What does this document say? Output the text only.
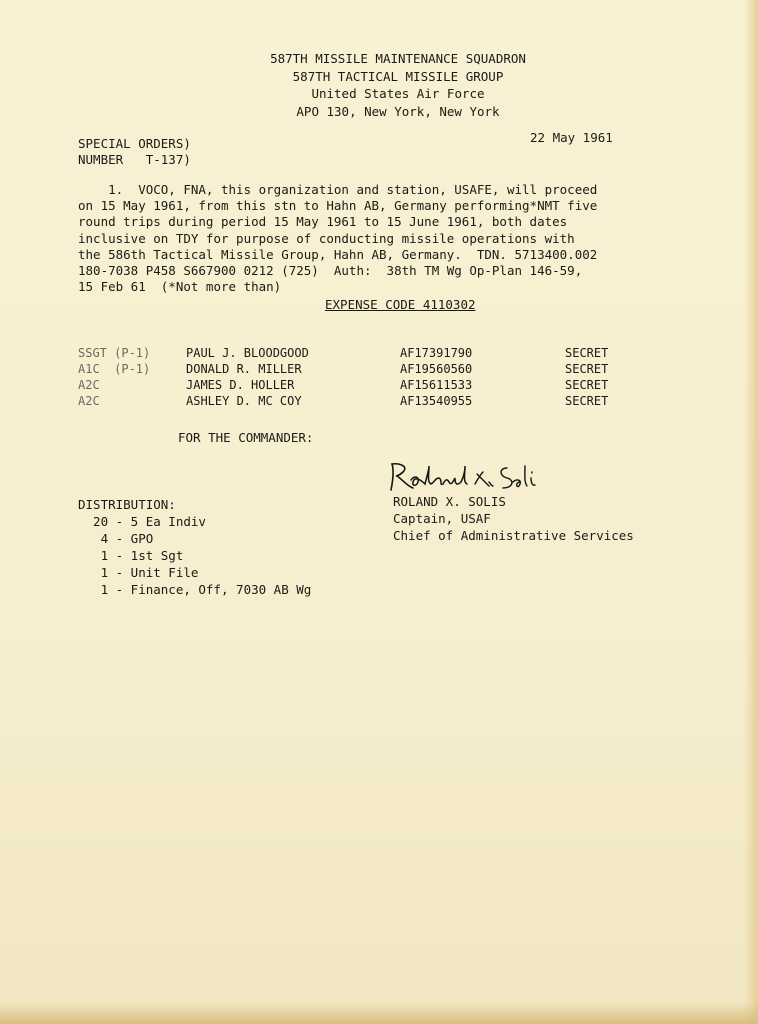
587TH MISSILE MAINTENANCE SQUADRON
587TH TACTICAL MISSILE GROUP
United States Air Force
APO 130, New York, New York
SPECIAL ORDERS)
NUMBER   T-137)
22 May 1961
1.  VOCO, FNA, this organization and station, USAFE, will proceed
on 15 May 1961, from this stn to Hahn AB, Germany performing*NMT five
round trips during period 15 May 1961 to 15 June 1961, both dates
inclusive on TDY for purpose of conducting missile operations with
the 586th Tactical Missile Group, Hahn AB, Germany.  TDN. 5713400.002
180-7038 P458 S667900 0212 (725)  Auth:  38th TM Wg Op-Plan 146-59,
15 Feb 61  (*Not more than)
EXPENSE CODE 4110302
SSGT (P-1)	PAUL J. BLOODGOOD	AF17391790	SECRET
A1C  (P-1)	DONALD R. MILLER	AF19560560	SECRET
A2C	JAMES D. HOLLER	AF15611533	SECRET
A2C	ASHLEY D. MC COY	AF13540955	SECRET
FOR THE COMMANDER:
ROLAND X. SOLIS
Captain, USAF
Chief of Administrative Services
DISTRIBUTION:
20 - 5 Ea Indiv
4 - GPO
1 - 1st Sgt
1 - Unit File
1 - Finance, Off, 7030 AB Wg
